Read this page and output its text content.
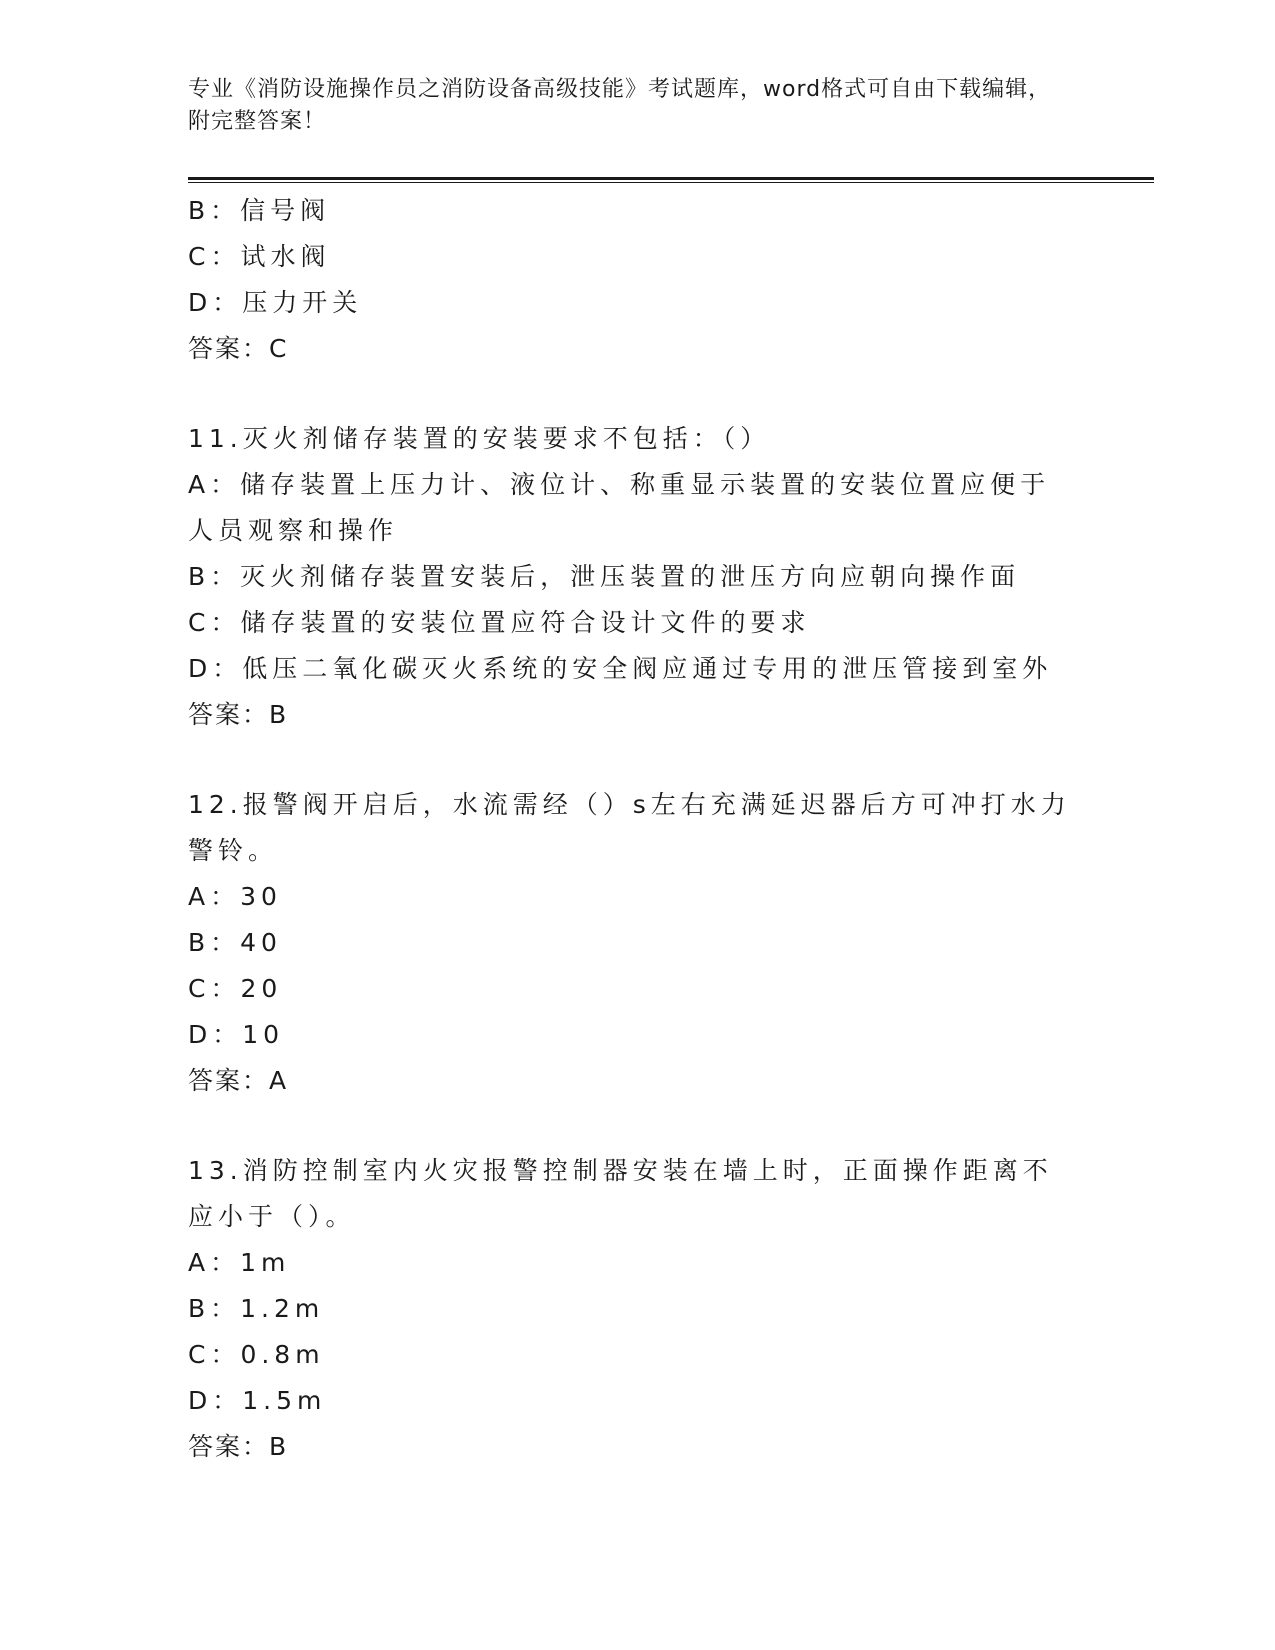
专业《消防设施操作员之消防设备高级技能》考试题库，word格式可自由下载编辑，附完整答案！
B：信号阀
C：试水阀
D：压力开关
答案：C
11.灭火剂储存装置的安装要求不包括：（）
A：储存装置上压力计、液位计、称重显示装置的安装位置应便于人员观察和操作
B：灭火剂储存装置安装后，泄压装置的泄压方向应朝向操作面
C：储存装置的安装位置应符合设计文件的要求
D：低压二氧化碳灭火系统的安全阀应通过专用的泄压管接到室外
答案：B
12.报警阀开启后，水流需经（）s左右充满延迟器后方可冲打水力警铃。
A：30
B：40
C：20
D：10
答案：A
13.消防控制室内火灾报警控制器安装在墙上时，正面操作距离不应小于（）。
A：1m
B：1.2m
C：0.8m
D：1.5m
答案：B
